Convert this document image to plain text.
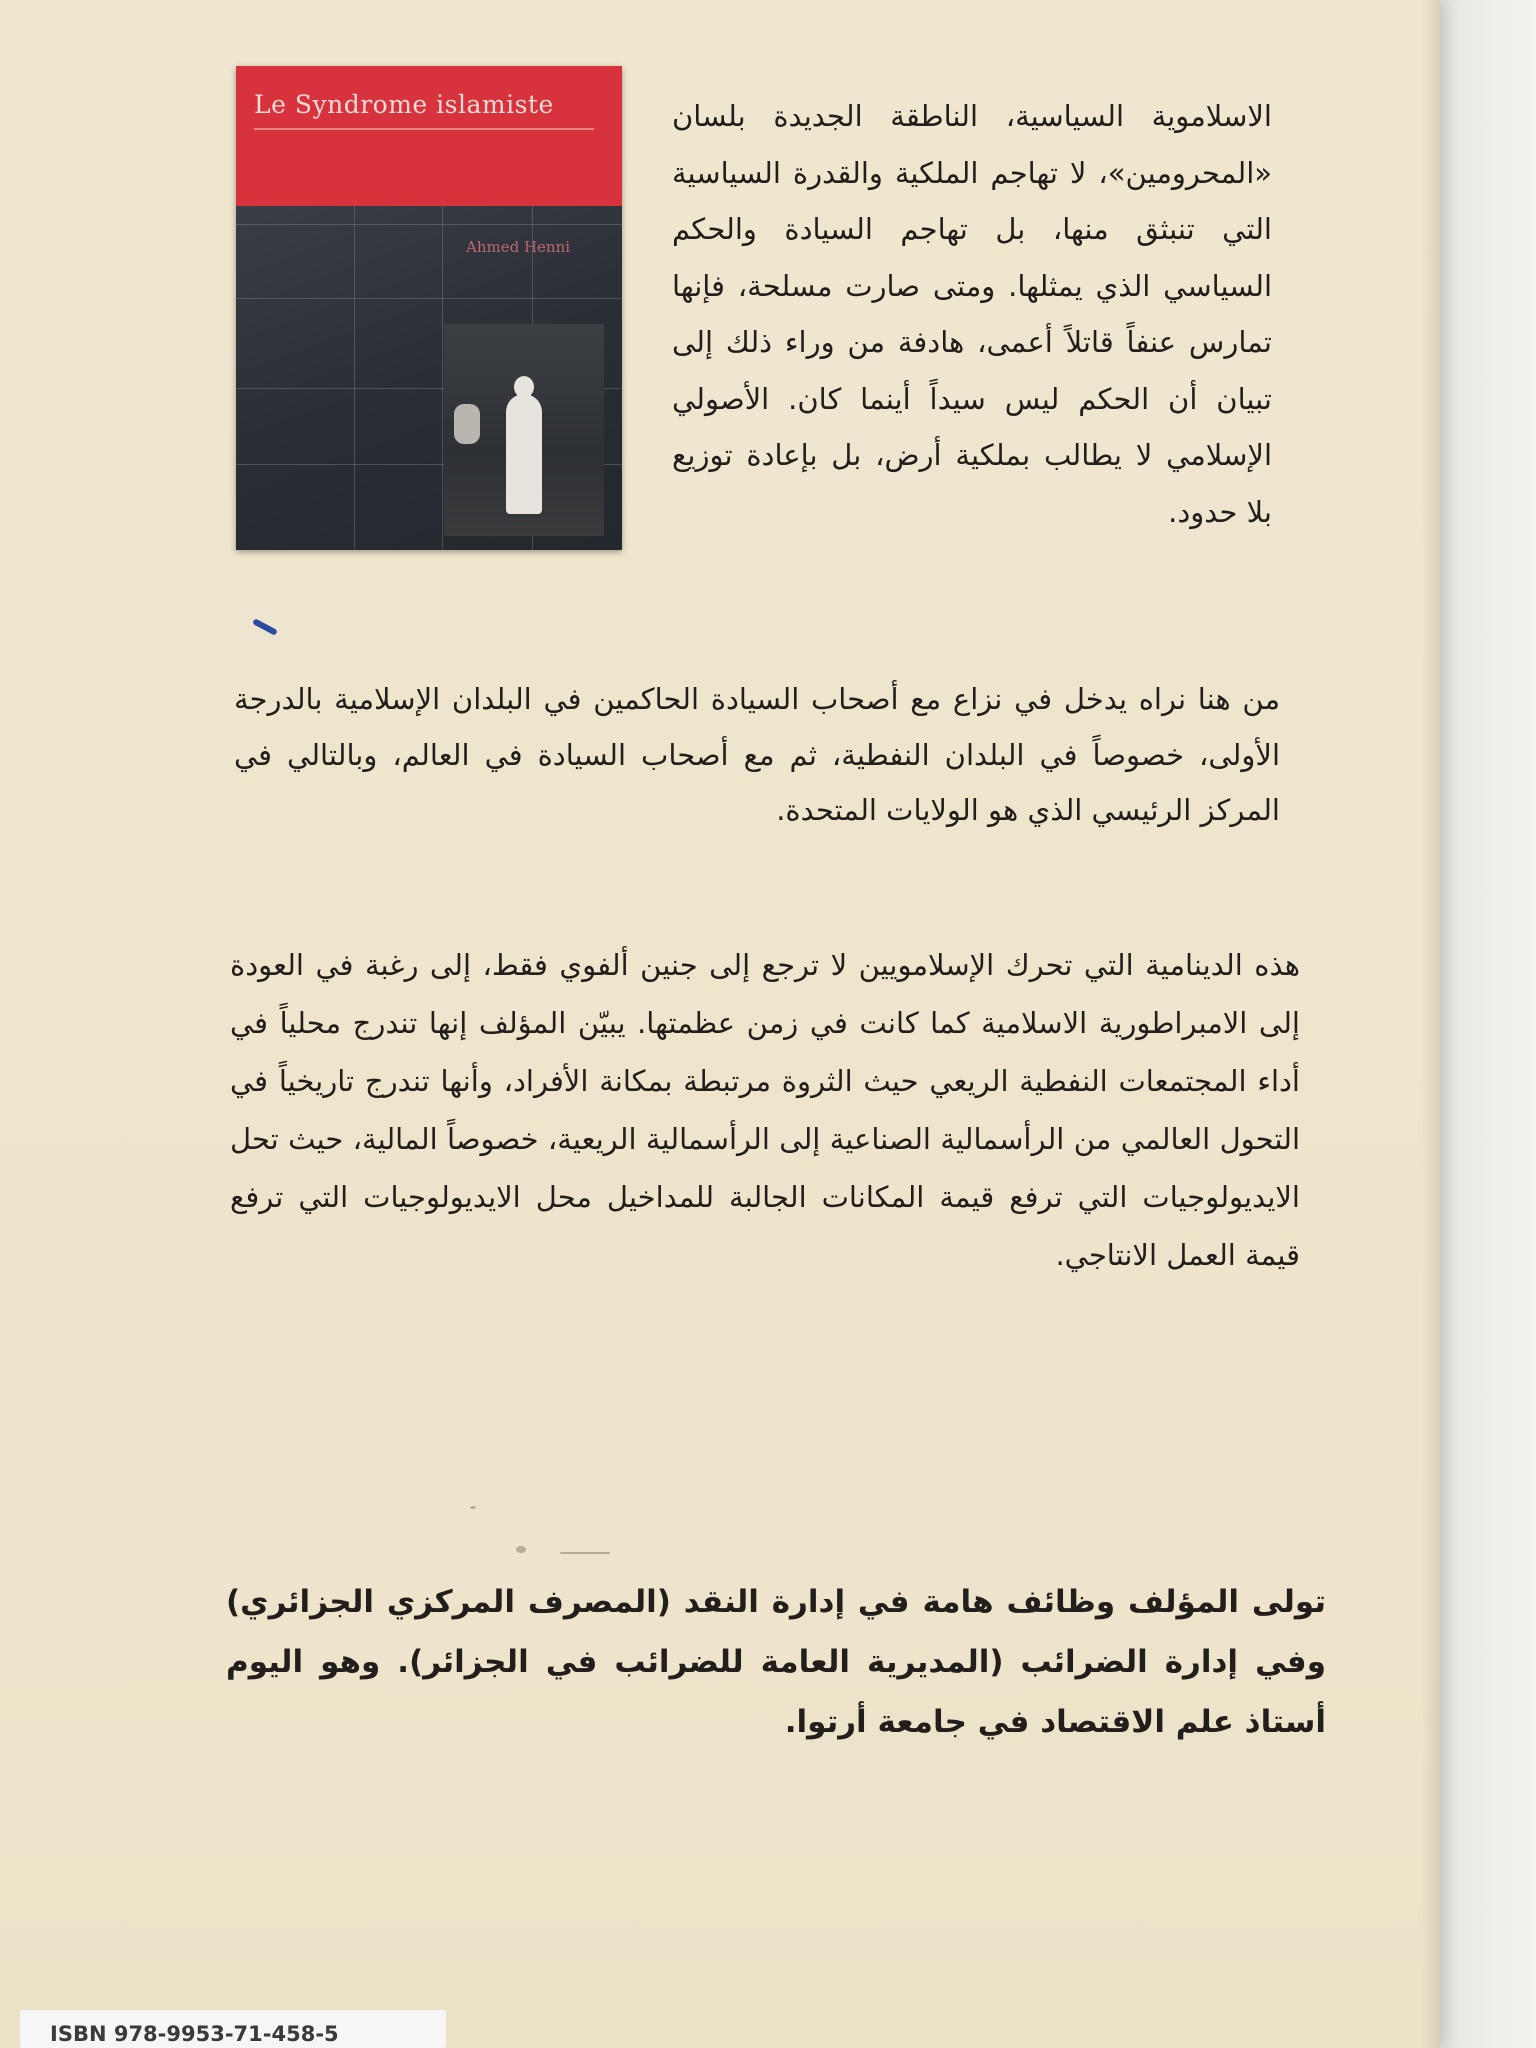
Le Syndrome islamiste
Ahmed Henni
الاسلاموية السياسية، الناطقة الجديدة بلسان «المحرومين»، لا تهاجم الملكية والقدرة السياسية التي تنبثق منها، بل تهاجم السيادة والحكم السياسي الذي يمثلها. ومتى صارت مسلحة، فإنها تمارس عنفاً قاتلاً أعمى، هادفة من وراء ذلك إلى تبيان أن الحكم ليس سيداً أينما كان. الأصولي الإسلامي لا يطالب بملكية أرض، بل بإعادة توزيع بلا حدود.
من هنا نراه يدخل في نزاع مع أصحاب السيادة الحاكمين في البلدان الإسلامية بالدرجة الأولى، خصوصاً في البلدان النفطية، ثم مع أصحاب السيادة في العالم، وبالتالي في المركز الرئيسي الذي هو الولايات المتحدة.
هذه الدينامية التي تحرك الإسلامويين لا ترجع إلى جنين ألفوي فقط، إلى رغبة في العودة إلى الامبراطورية الاسلامية كما كانت في زمن عظمتها. يبيّن المؤلف إنها تندرج محلياً في أداء المجتمعات النفطية الريعي حيث الثروة مرتبطة بمكانة الأفراد، وأنها تندرج تاريخياً في التحول العالمي من الرأسمالية الصناعية إلى الرأسمالية الريعية، خصوصاً المالية، حيث تحل الايديولوجيات التي ترفع قيمة المكانات الجالبة للمداخيل محل الايديولوجيات التي ترفع قيمة العمل الانتاجي.
تولى المؤلف وظائف هامة في إدارة النقد (المصرف المركزي الجزائري) وفي إدارة الضرائب (المديرية العامة للضرائب في الجزائر). وهو اليوم أستاذ علم الاقتصاد في جامعة أرتوا.
ISBN 978-9953-71-458-5
